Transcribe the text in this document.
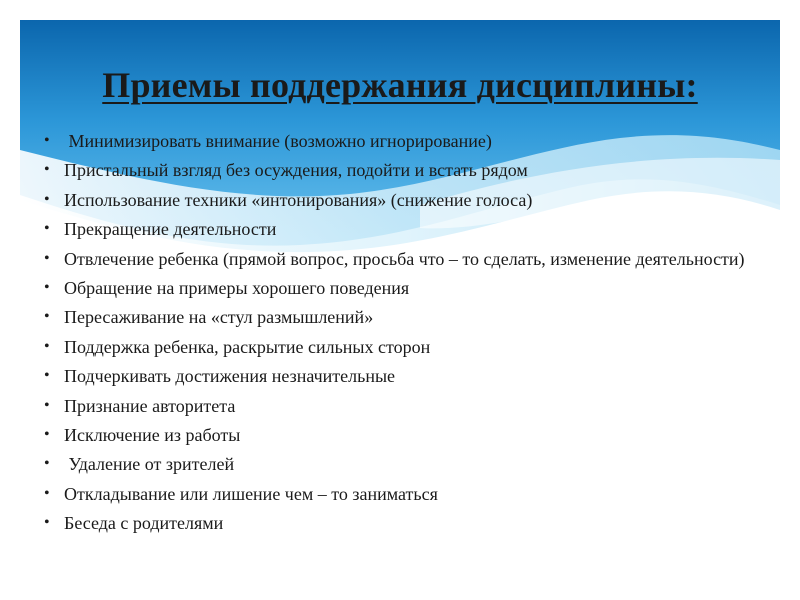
Приемы поддержания дисциплины:
• Минимизировать внимание (возможно игнорирование)
• Пристальный взгляд без осуждения, подойти и встать рядом
• Использование техники «интонирования» (снижение голоса)
• Прекращение деятельности
• Отвлечение ребенка (прямой вопрос, просьба что – то сделать, изменение деятельности)
• Обращение на примеры хорошего поведения
• Пересаживание на «стул размышлений»
• Поддержка ребенка, раскрытие сильных сторон
• Подчеркивать достижения незначительные
• Признание авторитета
• Исключение из работы
• Удаление от зрителей
• Откладывание или лишение чем – то заниматься
• Беседа с родителями
